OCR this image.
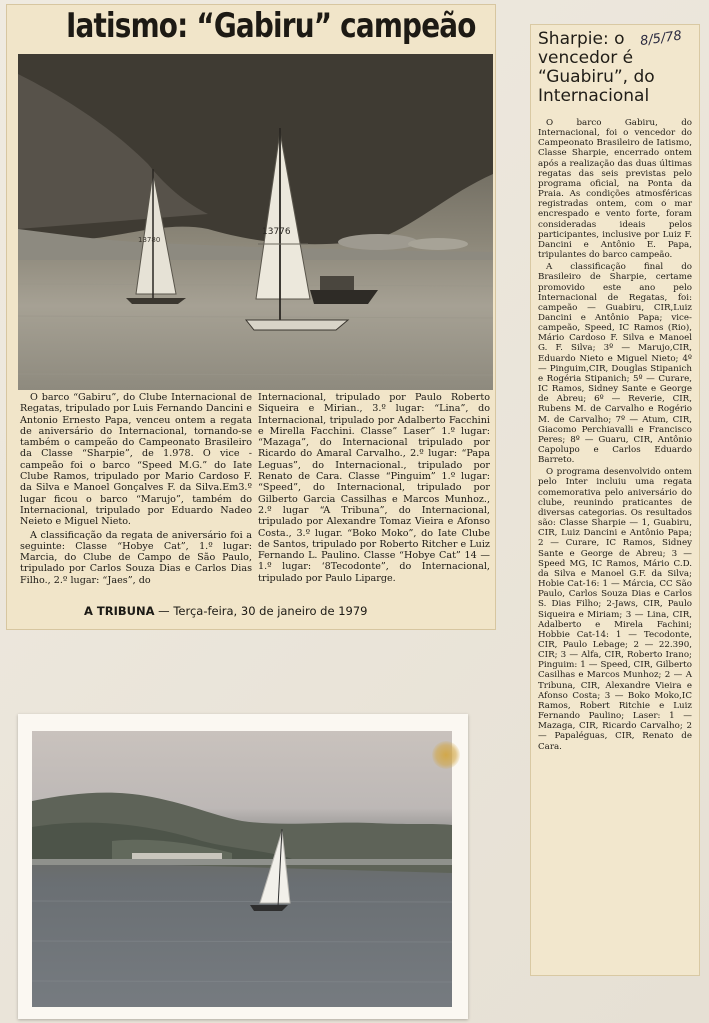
Iatismo: “Gabiru” campeão
13780
13776

O barco “Gabiru”, do Clube Internacional de Regatas, tripulado por Luis Fernando Dancini e Antonio Ernesto Papa, venceu ontem a regata de aniversário do Internacional, tornando-se também o campeão do Campeonato Brasileiro da Classe “Sharpie”, de 1.978. O vice - campeão foi o barco “Speed M.G.” do Iate Clube Ramos, tripulado por Mario Cardoso F. da Silva e Manoel Gonçalves F. da Silva.Em3.º lugar ficou o barco “Marujo”, também do Internacional, tripulado por Eduardo Nadeo Neieto e Miguel Nieto.

A classificação da regata de aniversário foi a seguinte: Classe “Hobye Cat”, 1.º lugar: Marcia, do Clube de Campo de São Paulo, tripulado por Carlos Souza Dias e Carlos Dias Filho., 2.º lugar: “Jaes”, do

Internacional, tripulado por Paulo Roberto Siqueira e Mirian., 3.º lugar: “Lina”, do Internacional, tripulado por Adalberto Facchini e Mirella Facchini. Classe” Laser” 1.º lugar: “Mazaga”, do Internacional tripulado por Ricardo do Amaral Carvalho., 2.º lugar: “Papa Leguas”, do Internacional., tripulado por Renato de Cara. Classe “Pinguim” 1.º lugar: “Speed”, do Internacional, tripulado por Gilberto Garcia Cassilhas e Marcos Munhoz., 2.º lugar “A Tribuna”, do Internacional, tripulado por Alexandre Tomaz Vieira e Afonso Costa., 3.º lugar. “Boko Moko”, do Iate Clube de Santos, tripulado por Roberto Ritcher e Luiz Fernando L. Paulino. Classe “Hobye Cat” 14 — 1.º lugar: ‘8Tecodonte”, do Internacional, tripulado por Paulo Liparge.

A TRIBUNA — Terça-feira, 30 de janeiro de 1979
Sharpie: o vencedor é “Guabiru”, do Internacional
8/5/78

O barco Gabiru, do Internacional, foi o vencedor do Campeonato Brasileiro de Iatismo, Classe Sharpie, encerrado ontem após a realização das duas últimas regatas das seis previstas pelo programa oficial, na Ponta da Praia. As condições atmosféricas registradas ontem, com o mar encrespado e vento forte, foram consideradas ideais pelos participantes, inclusive por Luiz F. Dancini e Antônio E. Papa, tripulantes do barco campeão.

A classificação final do Brasileiro de Sharpie, certame promovido este ano pelo Internacional de Regatas, foi: campeão — Guabiru, CIR,Luiz Dancini e Antônio Papa; vice-campeão, Speed, IC Ramos (Rio), Mário Cardoso F. Silva e Manoel G. F. Silva; 3º — Marujo,CIR, Eduardo Nieto e Miguel Nieto; 4º — Pinguim,CIR, Douglas Stipanich e Rogéria Stipanich; 5º — Curare, IC Ramos, Sidney Sante e George de Abreu; 6º — Reverie, CIR, Rubens M. de Carvalho e Rogério M. de Carvalho; 7º — Atum, CIR, Giacomo Perchiavalli e Francisco Peres; 8º — Guaru, CIR, Antônio Capolupo e Carlos Eduardo Barreto.

O programa desenvolvido ontem pelo Inter incluiu uma regata comemorativa pelo aniversário do clube, reunindo praticantes de diversas categorias. Os resultados são: Classe Sharpie — 1, Guabiru, CIR, Luiz Dancini e Antônio Papa; 2 — Curare, IC Ramos, Sidney Sante e George de Abreu; 3 — Speed MG, IC Ramos, Mário C.D. da Silva e Manoel G.F. da Silva; Hobie Cat-16: 1 — Márcia, CC São Paulo, Carlos Souza Dias e Carlos S. Dias Filho; 2-Jaws, CIR, Paulo Siqueira e Miriam; 3 — Lina, CIR, Adalberto e Mirela Fachini; Hobbie Cat-14: 1 — Tecodonte, CIR, Paulo Lebage; 2 — 22.390, CIR; 3 — Alfa, CIR, Roberto Irano; Pinguim: 1 — Speed, CIR, Gilberto Casilhas e Marcos Munhoz; 2 — A Tribuna, CIR, Alexandre Vieira e Afonso Costa; 3 — Boko Moko,IC Ramos, Robert Ritchie e Luiz Fernando Paulino; Laser: 1 — Mazaga, CIR, Ricardo Carvalho; 2 — Papaléguas, CIR, Renato de Cara.
